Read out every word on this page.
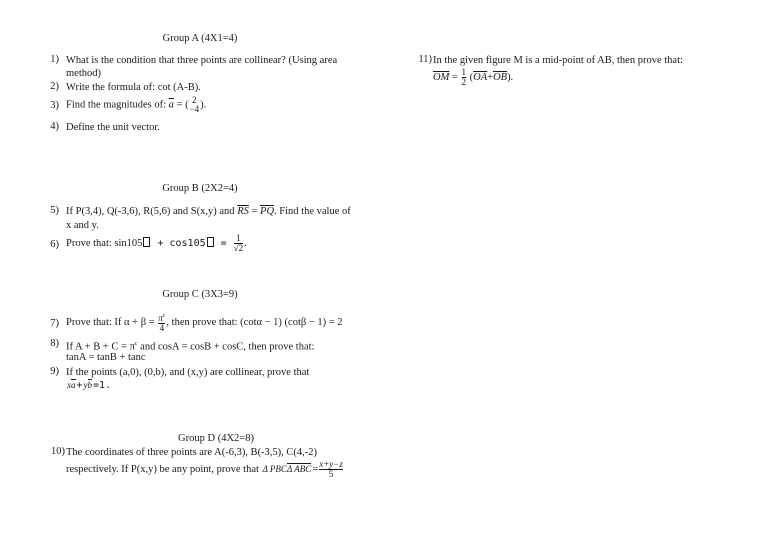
Group A (4X1=4)
1) What is the condition that three points are collinear? (Using area method)
2) Write the formula of: cot (A-B).
3) Find the magnitudes of: $\overline{a}$ = ( 2
−4 ).
4) Define the unit vector.
Group B (2X2=4)
5) If P(3,4), Q(-3,6), R(5,6) and S(x,y) and $\overline{RS} = \overline{PQ}$. Find the value of
x and y.
6) Prove that: $\sin 105 + \cos 105 = \frac{1}{√2}$ .
Group C (3X3=9)
7) Prove that: If $\alpha + \beta = \frac{\pi^c}{4}$ , then prove that: (cotα − 1) (cotβ − 1) = 2
8) If $A + B + C = \pi^c$ and cosA = cosB + cosC, then prove that:
tanA = tanB + tanc
9) If the points (a,0), (0,b), and (x,y) are collinear, prove that
xa+yb=1.
Group D (4X2=8)
10) The coordinates of three points are A(-6,3), B(-3,5), C(4,-2)
respectively. If P(x,y) be any point, prove that Δ PBCΔ $ABC=\frac{x+y-z}{5}$
11) In the given figure M is a mid-point of AB, then prove that:
$\overline{OM} = \frac{1}{2} (\overline{OA}+\overline{OB})$.
